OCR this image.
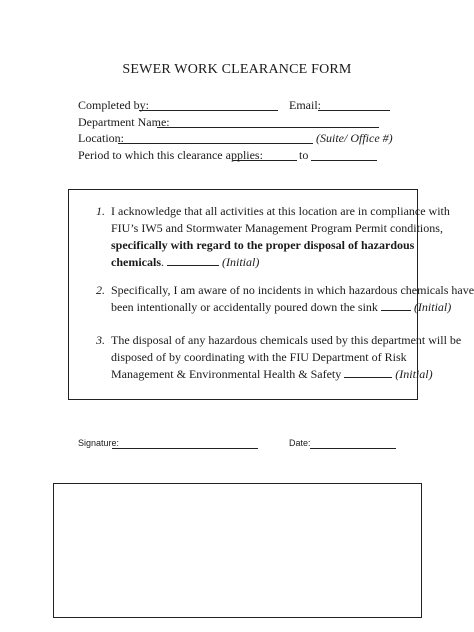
SEWER WORK CLEARANCE FORM
Completed by:	Email:
Department Name:
Location:	(Suite/ Office #)
Period to which this clearance applies:	to
1. I acknowledge that all activities at this location are in compliance with
FIU’s IW5 and Stormwater Management Program Permit conditions,
specifically with regard to the proper disposal of hazardous
chemicals.	(Initial)
2. Specifically, I am aware of no incidents in which hazardous chemicals have
been intentionally or accidentally poured down the sink	(Initial)
3. The disposal of any hazardous chemicals used by this department will be
disposed of by coordinating with the FIU Department of Risk
Management & Environmental Health & Safety	(Initial)
Signature:	Date:
